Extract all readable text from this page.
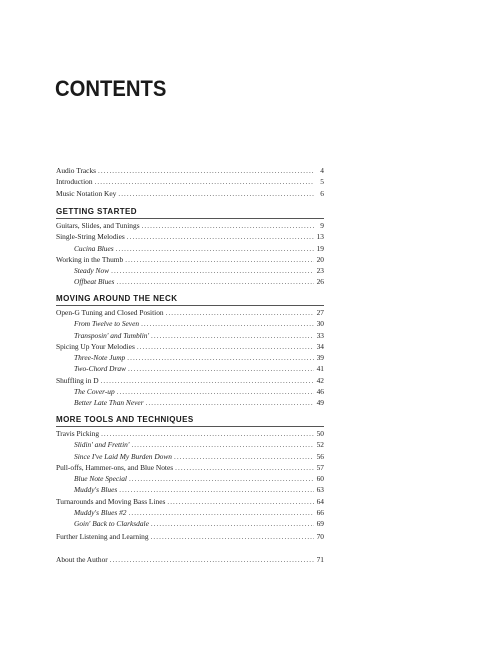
CONTENTS
Audio Tracks .....	4
Introduction .....	5
Music Notation Key .....	6
GETTING STARTED
Guitars, Slides, and Tunings .....	9
Single-String Melodies .....	13
Cucina Blues .....	19
Working in the Thumb .....	20
Steady Now .....	23
Offbeat Blues .....	26
MOVING AROUND THE NECK
Open-G Tuning and Closed Position .....	27
From Twelve to Seven .....	30
Transposin' and Tumblin' .....	33
Spicing Up Your Melodies .....	34
Three-Note Jump .....	39
Two-Chord Draw .....	41
Shuffling in D .....	42
The Cover-up .....	46
Better Late Than Never .....	49
MORE TOOLS AND TECHNIQUES
Travis Picking .....	50
Slidin' and Frettin' .....	52
Since I've Laid My Burden Down .....	56
Pull-offs, Hammer-ons, and Blue Notes .....	57
Blue Note Special .....	60
Muddy's Blues .....	63
Turnarounds and Moving Bass Lines .....	64
Muddy's Blues #2 .....	66
Goin' Back to Clarksdale .....	69
Further Listening and Learning .....	70
About the Author .....	71
